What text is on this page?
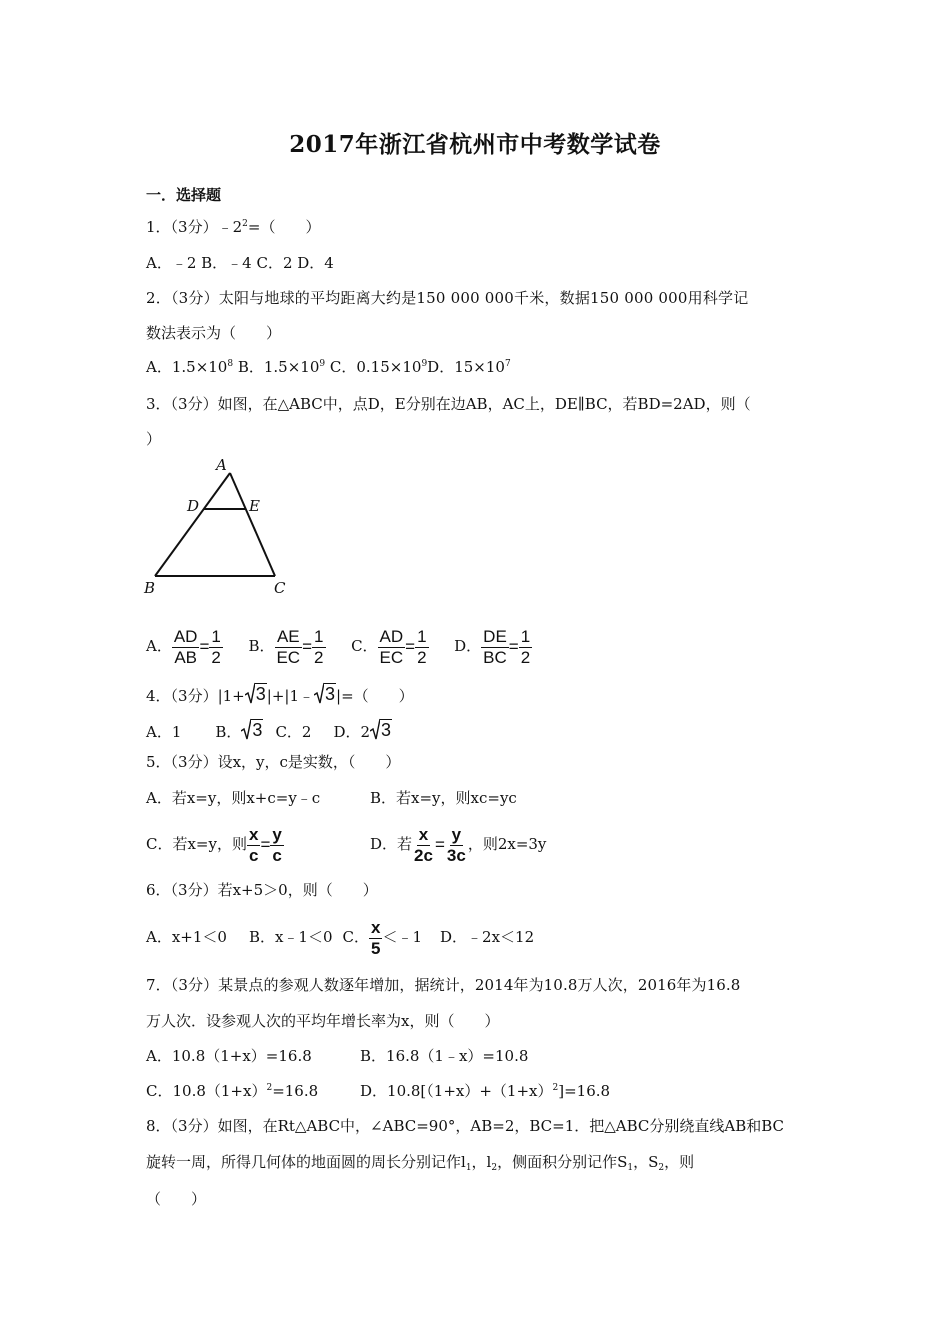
2017年浙江省杭州市中考数学试卷
一．选择题
1．（3分）$﹣2^2=$（　　）
A．﹣2 B．﹣4 C．2 D．4
2．（3分）太阳与地球的平均距离大约是150 000 000千米，数据150 000 000用科学记
数法表示为（　　）
A．$1.5\times 10^8$ B．$1.5\times 10^9$ C．$0.15\times 10^9D$．$15\times 10^7$
3．（3分）如图，在△ABC中，点D，E分别在边AB，AC上，DE∥BC，若BD=2AD，则（
）
A
D	E
B	C
A． $\frac{AD}{AB} = \frac{1}{2}$ B． $\frac{AE}{EC} = \frac{1}{2}$ C． $\frac{AD}{EC} = \frac{1}{2}$ D． $\frac{DE}{BC} = \frac{1}{2}$
4．（3分）|1+ 3 |+|1﹣ 3 |=（　　）
A．1 B． 3 C．2 D．2 3
5．（3分）设x，y，c是实数，（　　）
A．若x=y，则x+c=y﹣c	B．若x=y，则xc=yc
C．若x=y，则 $\frac{x}{c} = \frac{y}{c}$	D．若 $\frac{x}{2c} = \frac{y}{3c}$ ，则2x=3y
6．（3分）若x+5＞0，则（　　）
A．x+1＜0 B．x﹣1＜0 C． $\frac{x}{5}$ ＜﹣1 D．﹣2x＜12
7．（3分）某景点的参观人数逐年增加，据统计，2014年为10.8万人次，2016年为16.8
万人次．设参观人次的平均年增长率为x，则（　　）
A．10.8（1+x）=16.8	B．16.8（1﹣x）=10.8
C．$10.8(1+x)^2=16.8$	D．$10.8[(1+x)+(1+x)^2]=16.8$
8．（3分）如图，在Rt△ABC中，∠ABC=90°，AB=2，BC=1．把△ABC分别绕直线AB和BC
旋转一周，所得几何体的地面圆的周长分别记作$l_1$，$l_2$，侧面积分别记作$S_1$，$S_2$，则
（　　）
